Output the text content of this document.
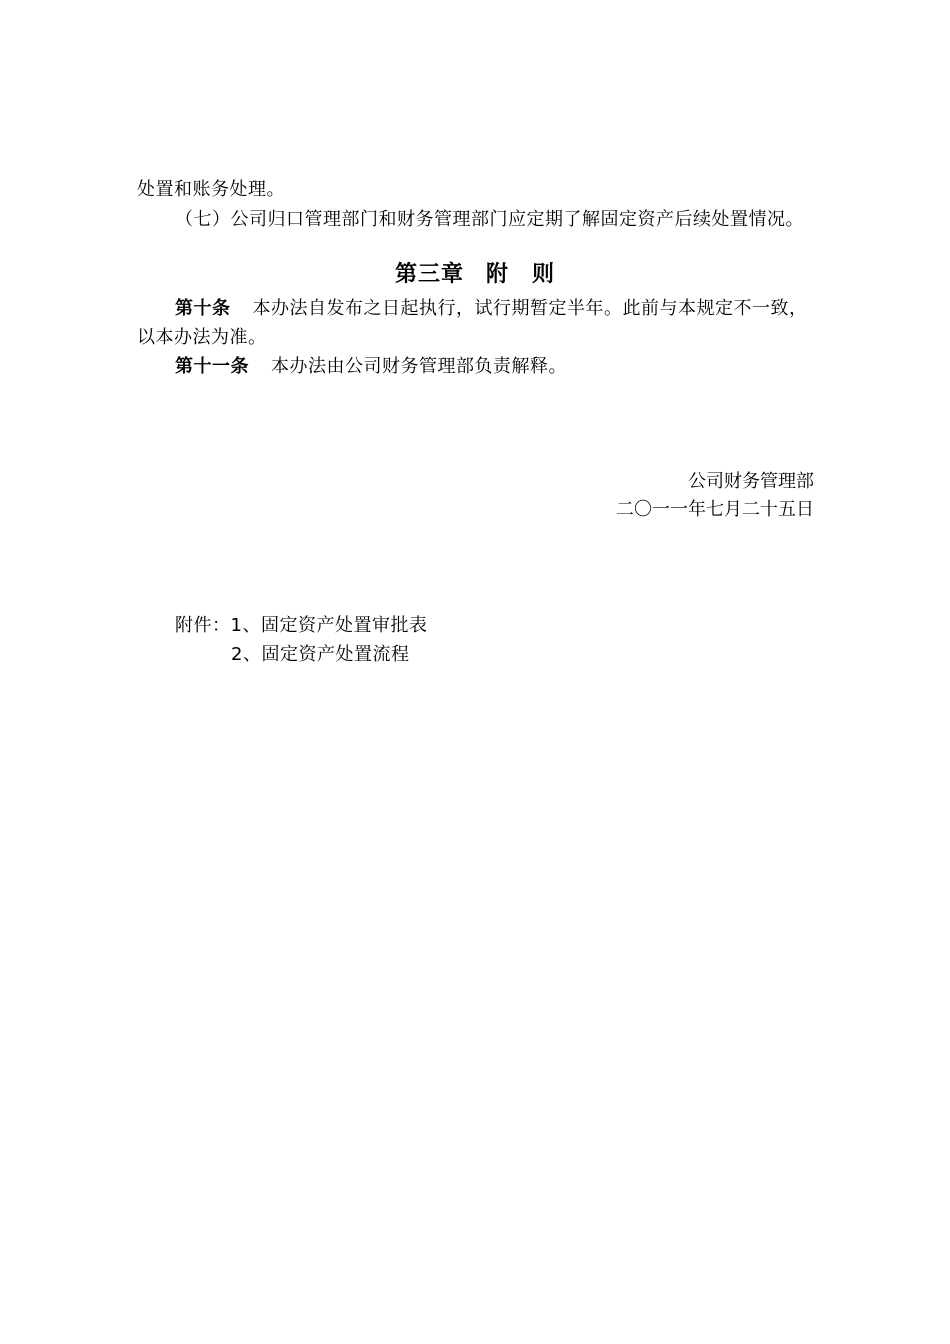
处置和账务处理。
（七）公司归口管理部门和财务管理部门应定期了解固定资产后续处置情况。
第三章 附　则
第十条 本办法自发布之日起执行，试行期暂定半年。此前与本规定不一致，
以本办法为准。
第十一条 本办法由公司财务管理部负责解释。
公司财务管理部
二〇一一年七月二十五日
附件：1、固定资产处置审批表
2、固定资产处置流程
